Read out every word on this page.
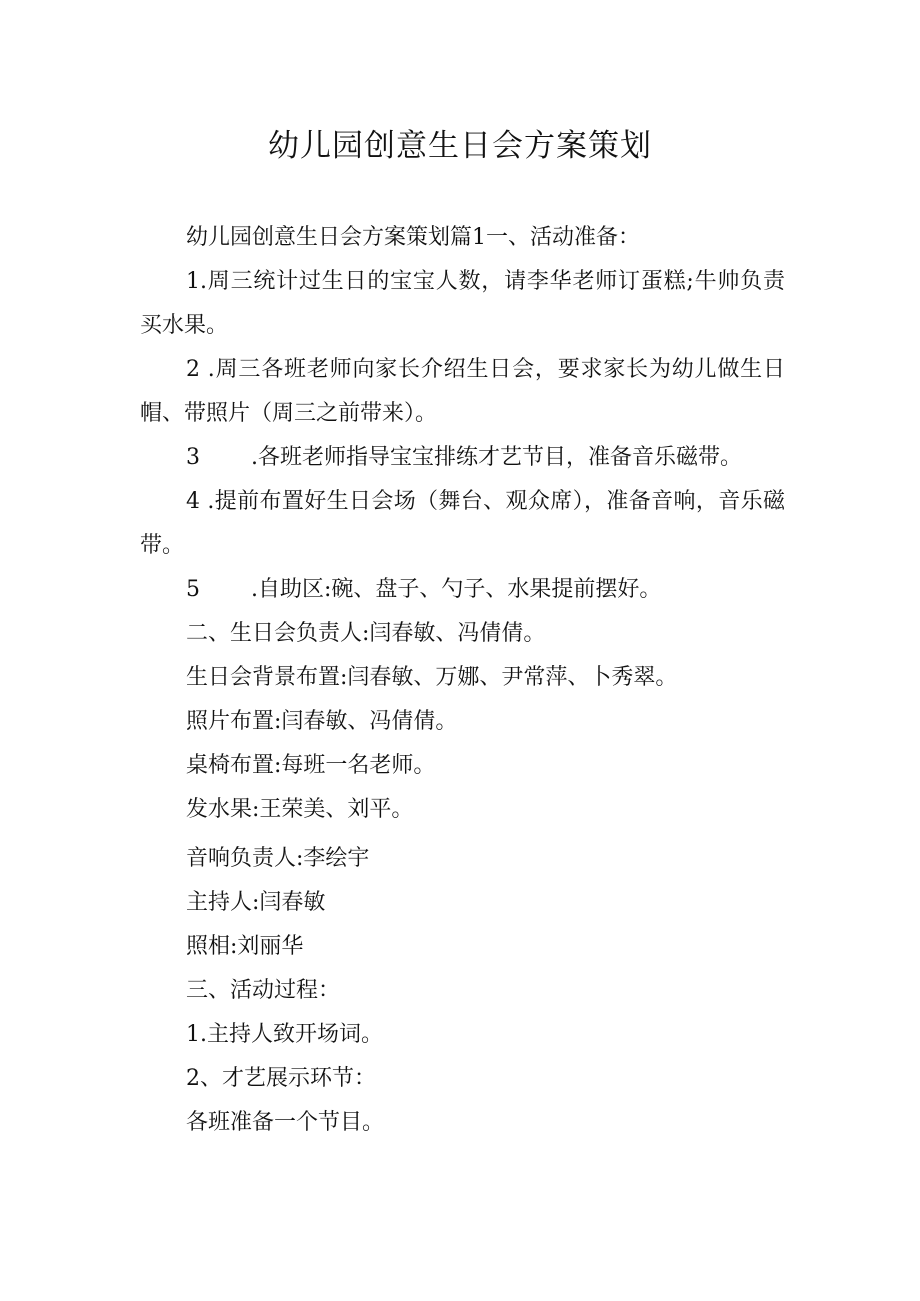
幼儿园创意生日会方案策划

幼儿园创意生日会方案策划篇1一、活动准备：

1.周三统计过生日的宝宝人数，请李华老师订蛋糕;牛帅负责买水果。

2 .周三各班老师向家长介绍生日会，要求家长为幼儿做生日帽、带照片（周三之前带来）。

3 　　.各班老师指导宝宝排练才艺节目，准备音乐磁带。

4 .提前布置好生日会场（舞台、观众席），准备音响，音乐磁带。

5 　　.自助区:碗、盘子、勺子、水果提前摆好。

二、生日会负责人:闫春敏、冯倩倩。

生日会背景布置:闫春敏、万娜、尹常萍、卜秀翠。

照片布置:闫春敏、冯倩倩。

桌椅布置:每班一名老师。

发水果:王荣美、刘平。

音响负责人:李绘宇

主持人:闫春敏

照相:刘丽华

三、活动过程：

1.主持人致开场词。

2、才艺展示环节：

各班准备一个节目。
